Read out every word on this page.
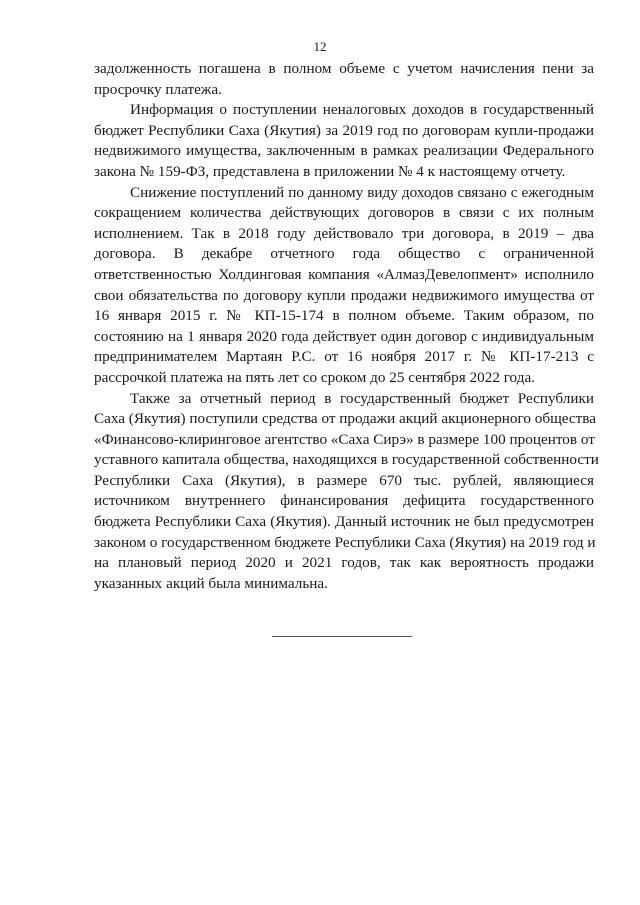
12
задолженность погашена в полном объеме с учетом начисления пени за
просрочку платежа.
Информация о поступлении неналоговых доходов в государственный
бюджет Республики Саха (Якутия) за 2019 год по договорам купли-продажи
недвижимого имущества, заключенным в рамках реализации Федерального
закона № 159-ФЗ, представлена в приложении № 4 к настоящему отчету.
Снижение поступлений по данному виду доходов связано с ежегодным
сокращением количества действующих договоров в связи с их полным
исполнением. Так в 2018 году действовало три договора, в 2019 – два
договора. В декабре отчетного года общество с ограниченной
ответственностью Холдинговая компания «АлмазДевелопмент» исполнило
свои обязательства по договору купли продажи недвижимого имущества от
16 января 2015 г. № КП-15-174 в полном объеме. Таким образом, по
состоянию на 1 января 2020 года действует один договор с индивидуальным
предпринимателем Мартаян Р.С. от 16 ноября 2017 г. № КП-17-213 с
рассрочкой платежа на пять лет со сроком до 25 сентября 2022 года.
Также за отчетный период в государственный бюджет Республики
Саха (Якутия) поступили средства от продажи акций акционерного общества
«Финансово-клиринговое агентство «Саха Сирэ» в размере 100 процентов от
уставного капитала общества, находящихся в государственной собственности
Республики Саха (Якутия), в размере 670 тыс. рублей, являющиеся
источником внутреннего финансирования дефицита государственного
бюджета Республики Саха (Якутия). Данный источник не был предусмотрен
законом о государственном бюджете Республики Саха (Якутия) на 2019 год и
на плановый период 2020 и 2021 годов, так как вероятность продажи
указанных акций была минимальна.
